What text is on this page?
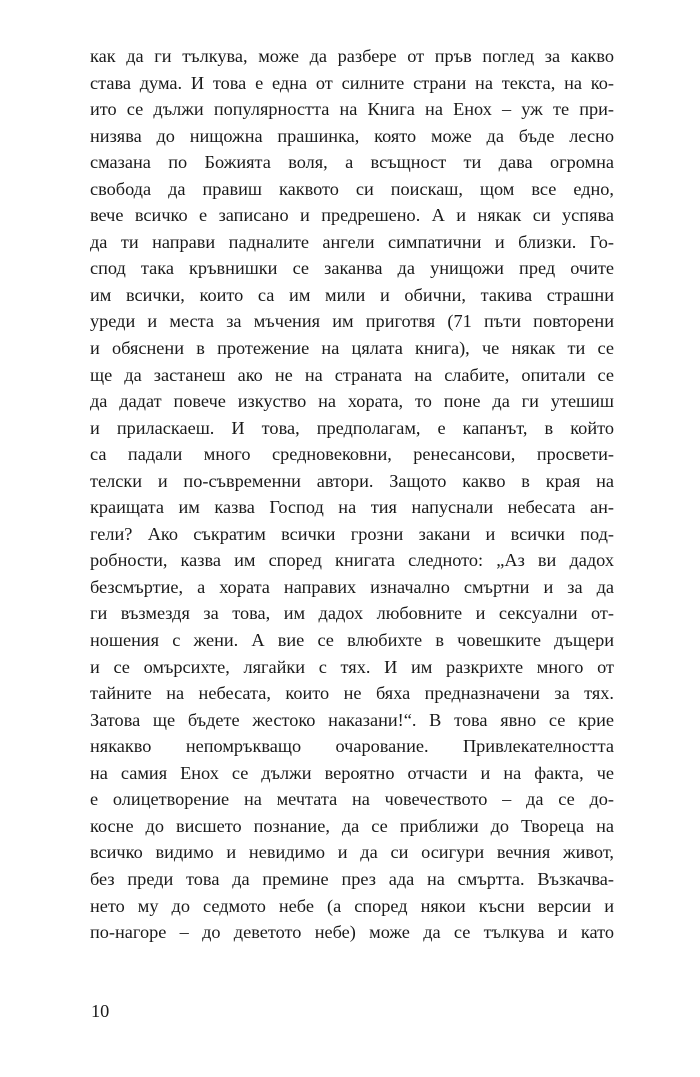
как да ги тълкува, може да разбере от пръв поглед за какво
става дума. И това е една от силните страни на текста, на ко-
ито се дължи популярността на Книга на Енох – уж те при-
низява до нищожна прашинка, която може да бъде лесно
смазана по Божията воля, а всъщност ти дава огромна
свобода да правиш каквото си поискаш, щом все едно,
вече всичко е записано и предрешено. А и някак си успява
да ти направи падналите ангели симпатични и близки. Го-
спод така кръвнишки се заканва да унищожи пред очите
им всички, които са им мили и обични, такива страшни
уреди и места за мъчения им приготвя (71 пъти повторени
и обяснени в протежение на цялата книга), че някак ти се
ще да застанеш ако не на страната на слабите, опитали се
да дадат повече изкуство на хората, то поне да ги утешиш
и приласкаеш. И това, предполагам, е капанът, в който
са падали много средновековни, ренесансови, просвети-
телски и по-съвременни автори. Защото какво в края на
краищата им казва Господ на тия напуснали небесата ан-
гели? Ако съкратим всички грозни закани и всички под-
робности, казва им според книгата следното: „Аз ви дадох
безсмъртие, а хората направих изначално смъртни и за да
ги възмездя за това, им дадох любовните и сексуални от-
ношения с жени. А вие се влюбихте в човешките дъщери
и се омърсихте, лягайки с тях. И им разкрихте много от
тайните на небесата, които не бяха предназначени за тях.
Затова ще бъдете жестоко наказани!“. В това явно се крие
някакво непомръкващо очарование. Привлекателността
на самия Енох се дължи вероятно отчасти и на факта, че
е олицетворение на мечтата на човечеството – да се до-
косне до висшето познание, да се приближи до Твореца на
всичко видимо и невидимо и да си осигури вечния живот,
без преди това да премине през ада на смъртта. Възкачва-
нето му до седмото небе (а според някои късни версии и
по-нагоре – до деветото небе) може да се тълкува и като
10
